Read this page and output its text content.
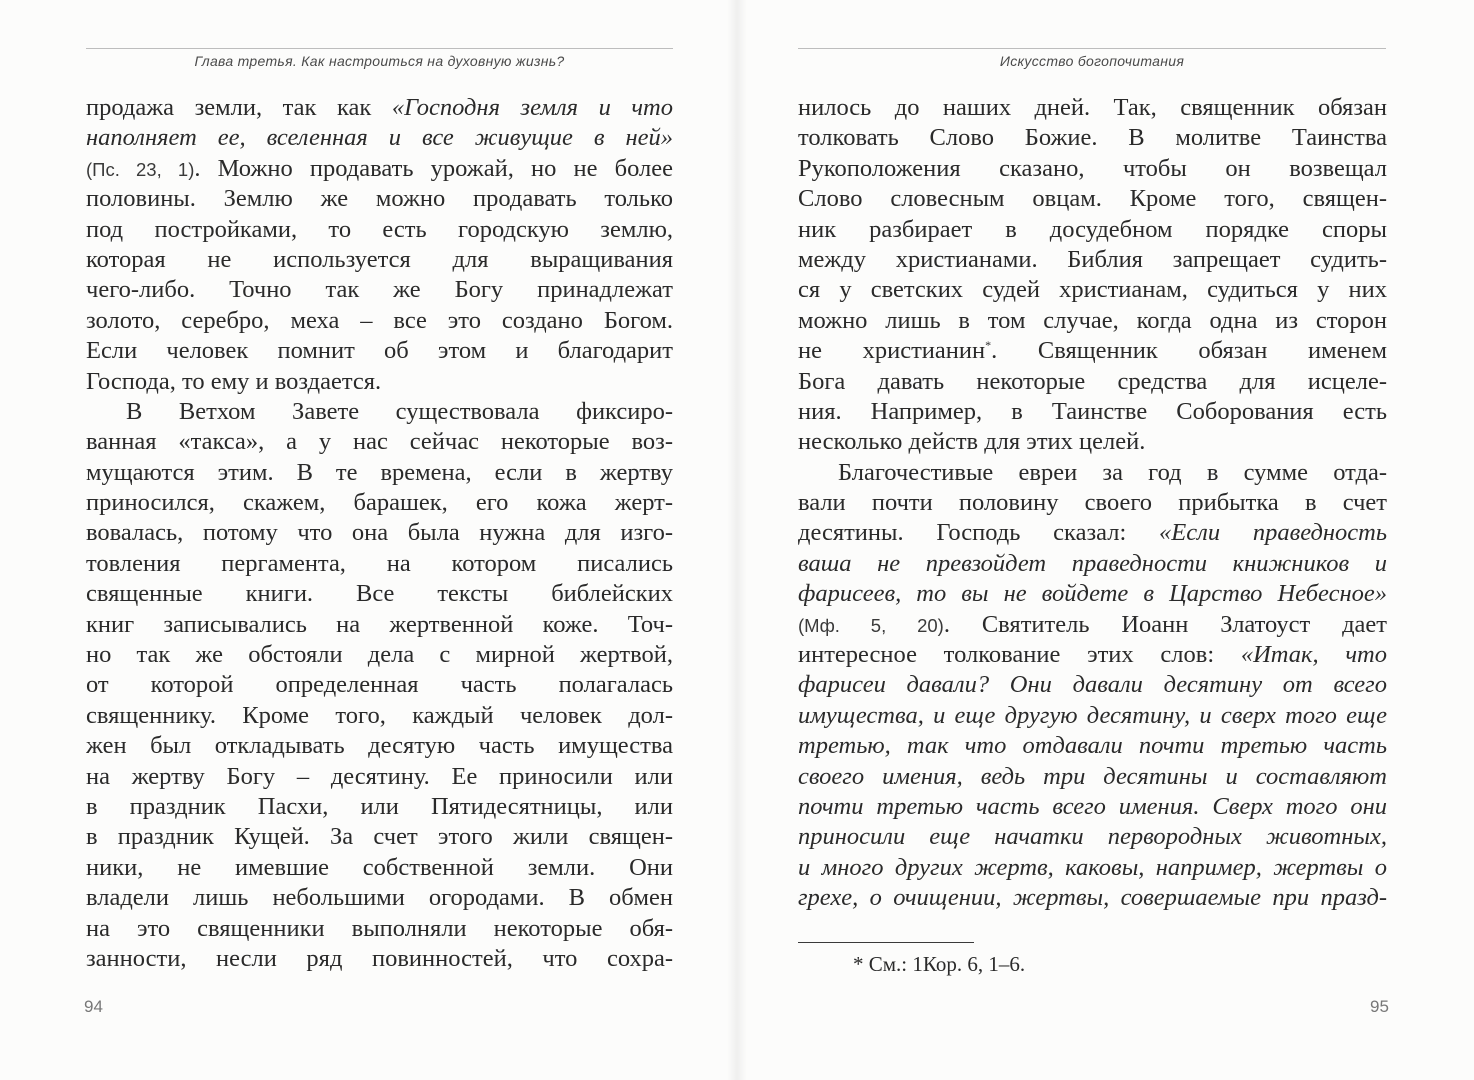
Глава третья. Как настроиться на духовную жизнь?
продажа земли, так как «Господня земля и что
наполняет ее, вселенная и все живущие в ней»
(Пс. 23, 1). Можно продавать урожай, но не более
половины. Землю же можно продавать только
под постройками, то есть городскую землю,
которая не используется для выращивания
чего-либо. Точно так же Богу принадлежат
золото, серебро, меха – все это создано Богом.
Если человек помнит об этом и благодарит
Господа, то ему и воздается.
В Ветхом Завете существовала фиксиро-
ванная «такса», а у нас сейчас некоторые воз-
мущаются этим. В те времена, если в жертву
приносился, скажем, барашек, его кожа жерт-
вовалась, потому что она была нужна для изго-
товления пергамента, на котором писались
священные книги. Все тексты библейских
книг записывались на жертвенной коже. Точ-
но так же обстояли дела с мирной жертвой,
от которой определенная часть полагалась
священнику. Кроме того, каждый человек дол-
жен был откладывать десятую часть имущества
на жертву Богу – десятину. Ее приносили или
в праздник Пасхи, или Пятидесятницы, или
в праздник Кущей. За счет этого жили священ-
ники, не имевшие собственной земли. Они
владели лишь небольшими огородами. В обмен
на это священники выполняли некоторые обя-
занности, несли ряд повинностей, что сохра-
94
Искусство богопочитания
нилось до наших дней. Так, священник обязан
толковать Слово Божие. В молитве Таинства
Рукоположения сказано, чтобы он возвещал
Слово словесным овцам. Кроме того, священ-
ник разбирает в досудебном порядке споры
между христианами. Библия запрещает судить-
ся у светских судей христианам, судиться у них
можно лишь в том случае, когда одна из сторон
не христианин*. Священник обязан именем
Бога давать некоторые средства для исцеле-
ния. Например, в Таинстве Соборования есть
несколько действ для этих целей.
Благочестивые евреи за год в сумме отда-
вали почти половину своего прибытка в счет
десятины. Господь сказал: «Если праведность
ваша не превзойдет праведности книжников и
фарисеев, то вы не войдете в Царство Небесное»
(Мф. 5, 20). Святитель Иоанн Златоуст дает
интересное толкование этих слов: «Итак, что
фарисеи давали? Они давали десятину от всего
имущества, и еще другую десятину, и сверх того еще
третью, так что отдавали почти третью часть
своего имения, ведь три десятины и составляют
почти третью часть всего имения. Сверх того они
приносили еще начатки первородных животных,
и много других жертв, каковы, например, жертвы о
грехе, о очищении, жертвы, совершаемые при празд-
* См.: 1Кор. 6, 1–6.
95
